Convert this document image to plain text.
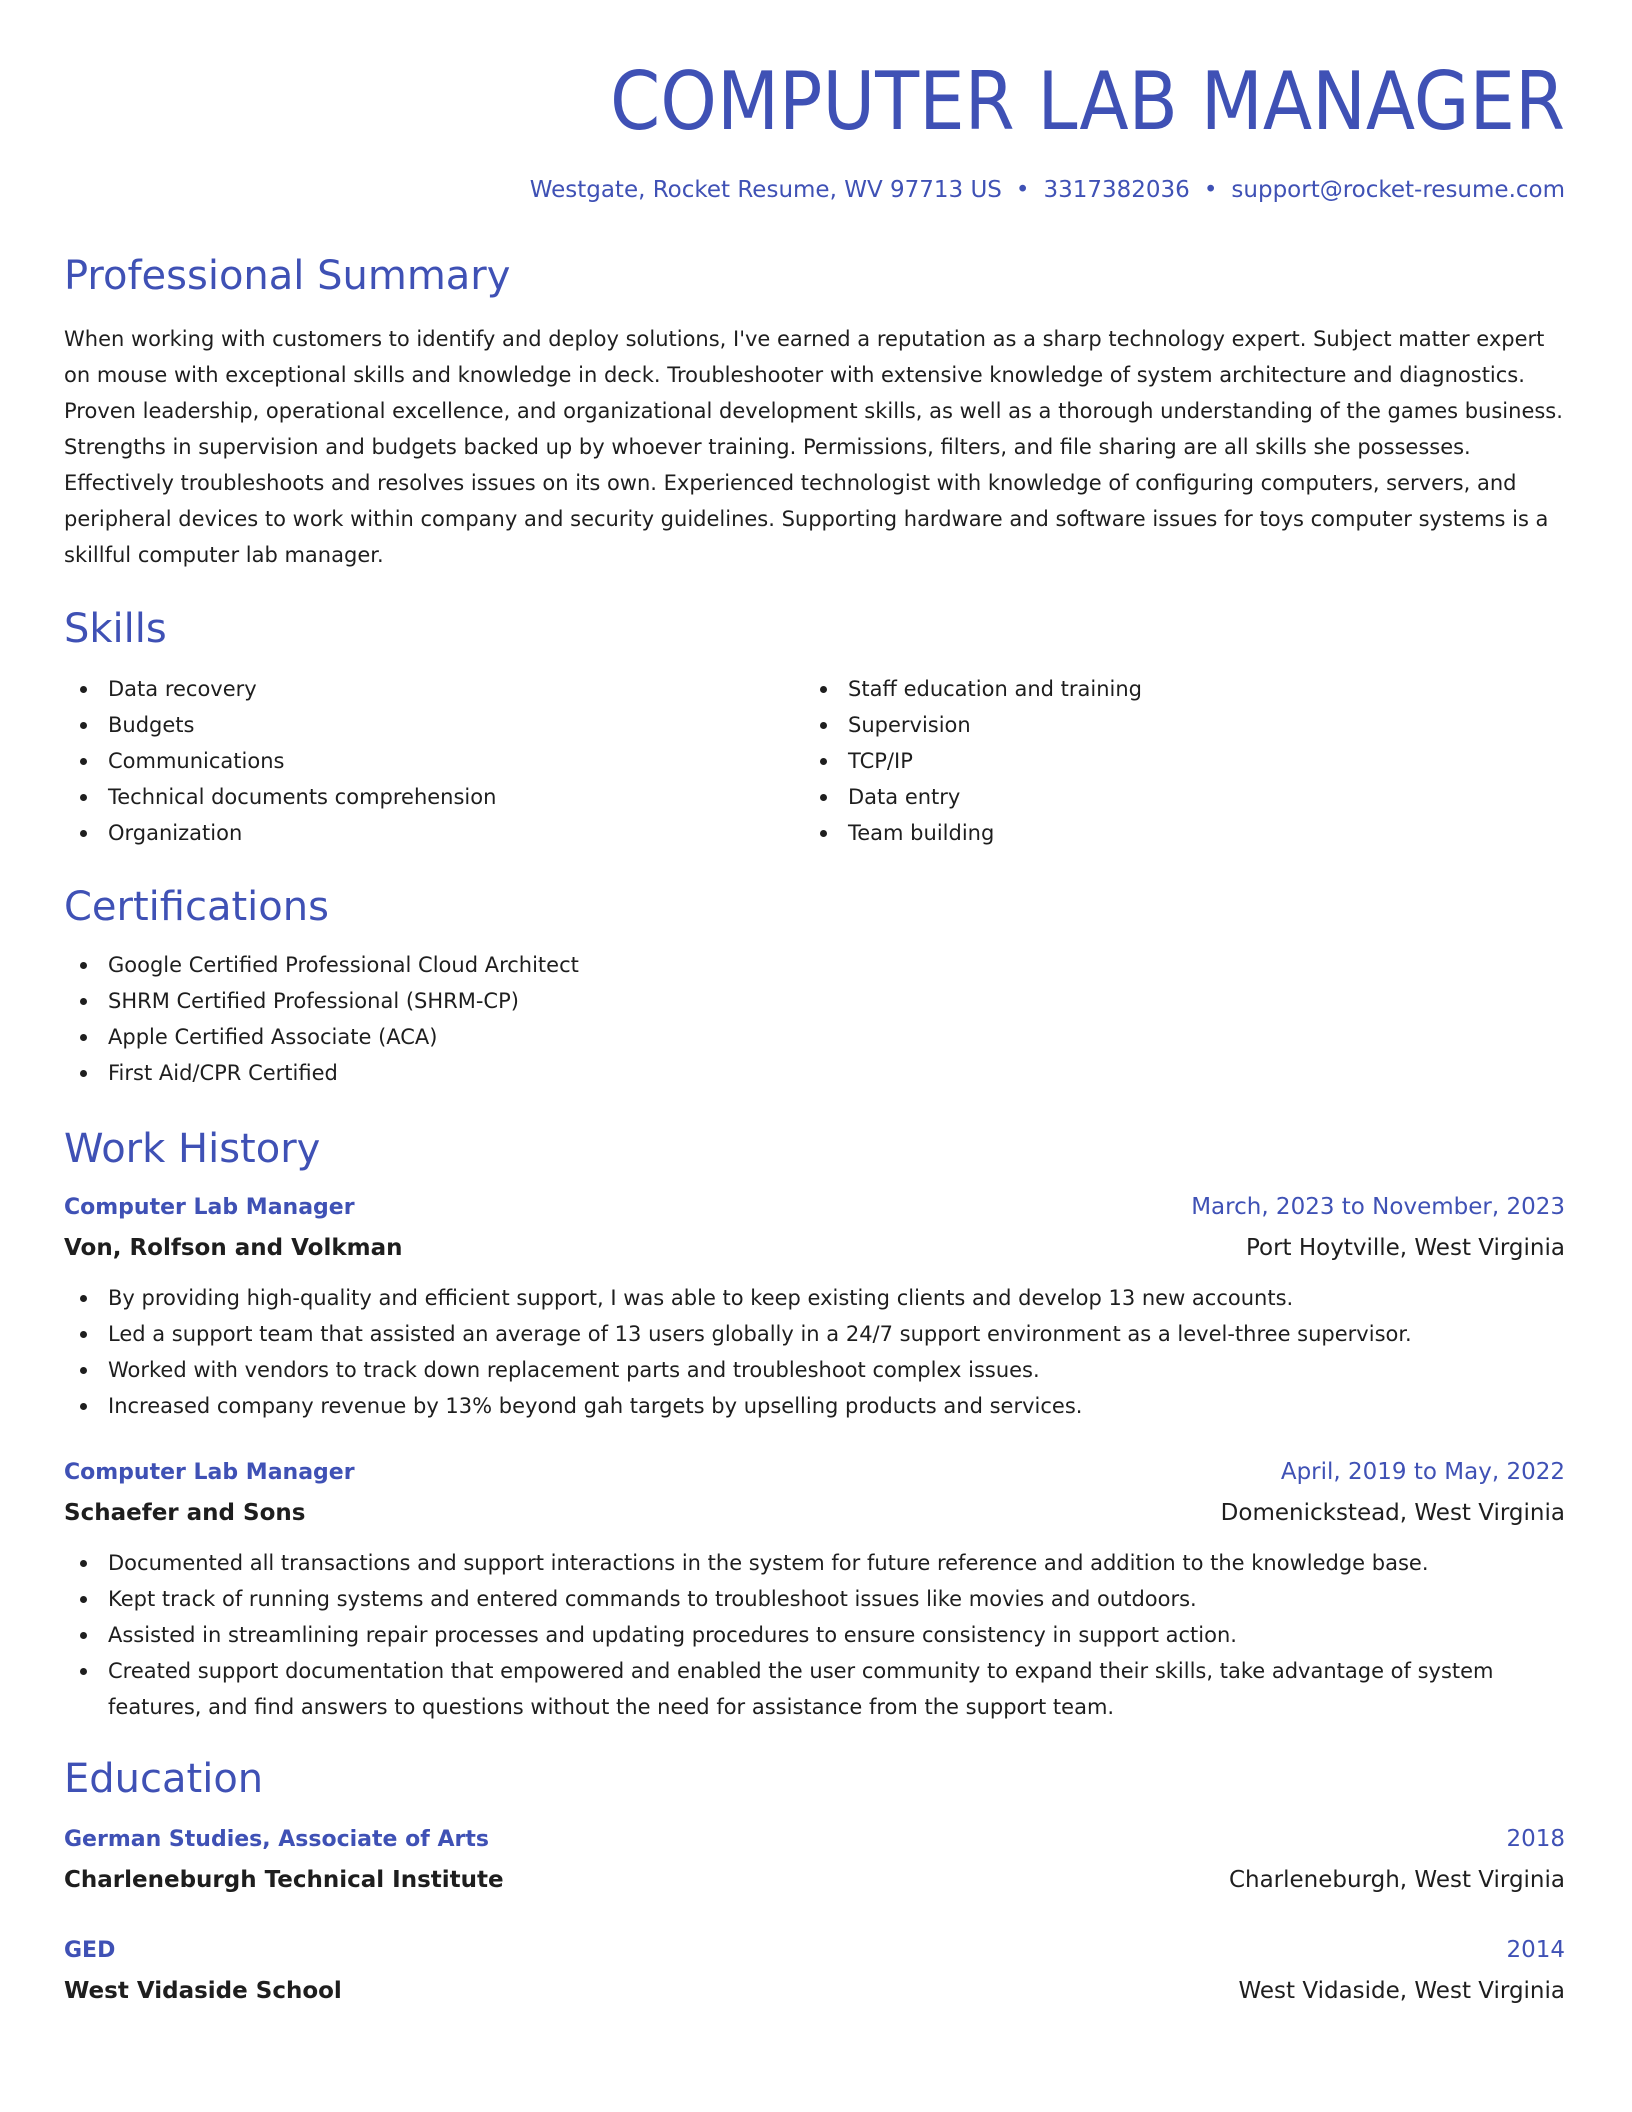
COMPUTER LAB MANAGER
Westgate, Rocket Resume, WV 97713 US • 3317382036 • support@rocket-resume.com
Professional Summary

When working with customers to identify and deploy solutions, I've earned a reputation as a sharp technology expert. Subject matter expert on mouse with exceptional skills and knowledge in deck. Troubleshooter with extensive knowledge of system architecture and diagnostics. Proven leadership, operational excellence, and organizational development skills, as well as a thorough understanding of the games business. Strengths in supervision and budgets backed up by whoever training. Permissions, filters, and file sharing are all skills she possesses. Effectively troubleshoots and resolves issues on its own. Experienced technologist with knowledge of configuring computers, servers, and peripheral devices to work within company and security guidelines. Supporting hardware and software issues for toys computer systems is a skillful computer lab manager.

Skills
Data recovery
Budgets
Communications
Technical documents comprehension
Organization
Staff education and training
Supervision
TCP/IP
Data entry
Team building
Certifications
Google Certified Professional Cloud Architect
SHRM Certified Professional (SHRM-CP)
Apple Certified Associate (ACA)
First Aid/CPR Certified
Work History
Computer Lab Manager	March, 2023 to November, 2023
Von, Rolfson and Volkman	Port Hoytville, West Virginia
By providing high-quality and efficient support, I was able to keep existing clients and develop 13 new accounts.
Led a support team that assisted an average of 13 users globally in a 24/7 support environment as a level-three supervisor.
Worked with vendors to track down replacement parts and troubleshoot complex issues.
Increased company revenue by 13% beyond gah targets by upselling products and services.
Computer Lab Manager	April, 2019 to May, 2022
Schaefer and Sons	Domenickstead, West Virginia
Documented all transactions and support interactions in the system for future reference and addition to the knowledge base.
Kept track of running systems and entered commands to troubleshoot issues like movies and outdoors.
Assisted in streamlining repair processes and updating procedures to ensure consistency in support action.
Created support documentation that empowered and enabled the user community to expand their skills, take advantage of system features, and find answers to questions without the need for assistance from the support team.
Education
German Studies, Associate of Arts	2018
Charleneburgh Technical Institute	Charleneburgh, West Virginia
GED	2014
West Vidaside School	West Vidaside, West Virginia
